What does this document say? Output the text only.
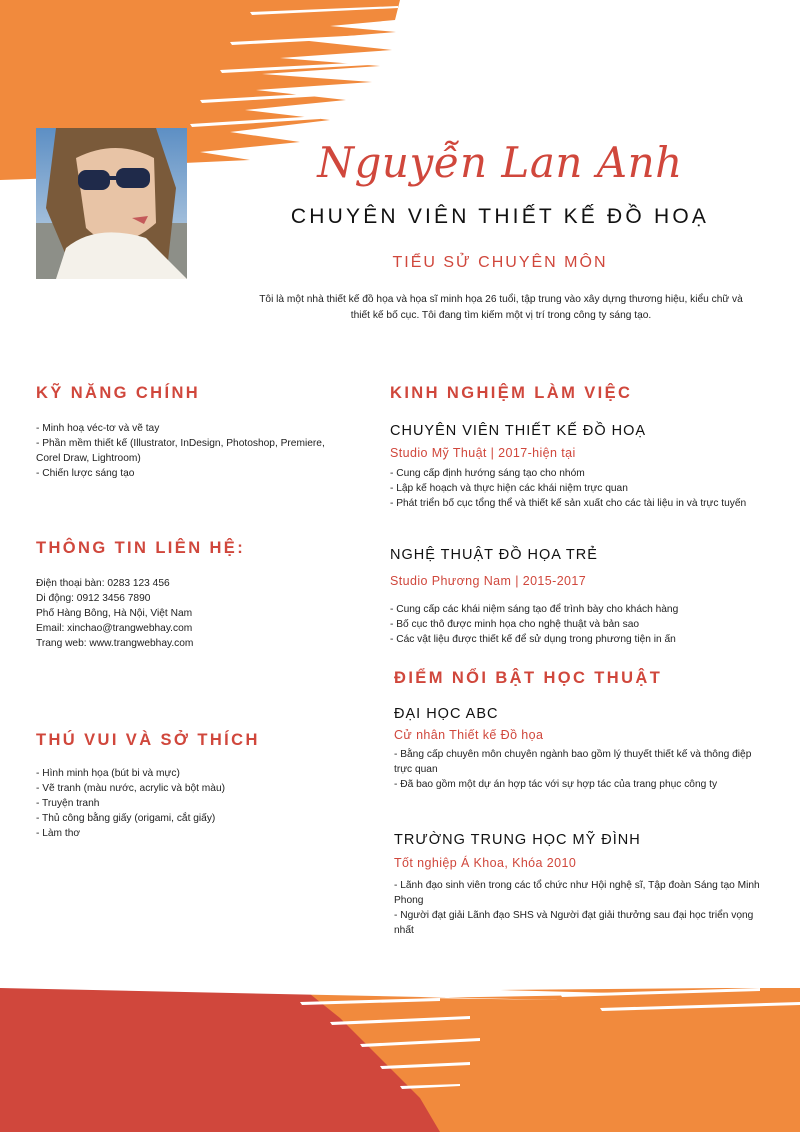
Nguyễn Lan Anh
CHUYÊN VIÊN THIẾT KẾ ĐỒ HOẠ
TIỂU SỬ CHUYÊN MÔN
Tôi là một nhà thiết kế đồ họa và họa sĩ minh họa 26 tuổi, tập trung vào xây dựng thương hiệu, kiểu chữ và thiết kế bố cục. Tôi đang tìm kiếm một vị trí trong công ty sáng tạo.
KỸ NĂNG CHÍNH
- Minh hoạ véc-tơ và vẽ tay
- Phần mềm thiết kế (Illustrator, InDesign, Photoshop, Premiere, Corel Draw, Lightroom)
- Chiến lược sáng tạo
THÔNG TIN LIÊN HỆ:
Điện thoại bàn: 0283 123 456
Di động: 0912 3456 7890
Phố Hàng Bông, Hà Nội, Việt Nam
Email: xinchao@trangwebhay.com
Trang web: www.trangwebhay.com
THÚ VUI VÀ SỞ THÍCH
- Hình minh họa (bút bi và mực)
- Vẽ tranh (màu nước, acrylic và bột màu)
- Truyện tranh
- Thủ công bằng giấy (origami, cắt giấy)
- Làm thơ
KINH NGHIỆM LÀM VIỆC
CHUYÊN VIÊN THIẾT KẾ ĐỒ HOẠ
Studio Mỹ Thuật | 2017-hiện tại
- Cung cấp định hướng sáng tạo cho nhóm
- Lập kế hoạch và thực hiện các khái niệm trực quan
- Phát triển bố cục tổng thể và thiết kế sản xuất cho các tài liệu in và trực tuyến
NGHỆ THUẬT ĐỒ HỌA TRẺ
Studio Phương Nam | 2015-2017
- Cung cấp các khái niệm sáng tạo để trình bày cho khách hàng
- Bố cục thô được minh họa cho nghệ thuật và bản sao
- Các vật liệu được thiết kế để sử dụng trong phương tiện in ấn
ĐIỂM NỔI BẬT HỌC THUẬT
ĐẠI HỌC ABC
Cử nhân Thiết kế Đồ họa
- Bằng cấp chuyên môn chuyên ngành bao gồm lý thuyết thiết kế và thông điệp trực quan
- Đã bao gồm một dự án hợp tác với sự hợp tác của trang phục công ty
TRƯỜNG TRUNG HỌC MỸ ĐÌNH
Tốt nghiệp Á Khoa, Khóa 2010
- Lãnh đạo sinh viên trong các tổ chức như Hội nghệ sĩ, Tập đoàn Sáng tạo Minh Phong
- Người đạt giải Lãnh đạo SHS và Người đạt giải thưởng sau đại học triển vọng nhất
